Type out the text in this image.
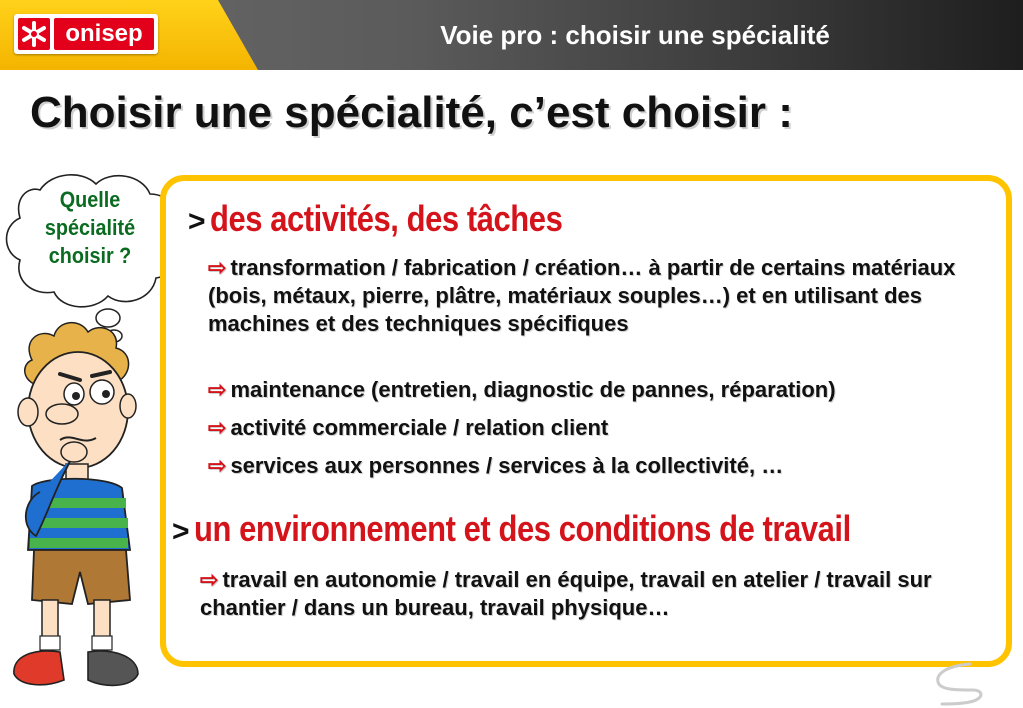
onisep	Voie pro : choisir une spécialité
Choisir une spécialité, c’est choisir :
Quelle
spécialité
choisir ?
> des activités, des tâches
⇨ transformation / fabrication / création… à partir de certains matériaux (bois, métaux, pierre, plâtre, matériaux souples…) et en utilisant des machines et des techniques spécifiques
⇨ maintenance (entretien, diagnostic de pannes, réparation)
⇨ activité commerciale / relation client
⇨ services aux personnes / services à la collectivité, …
> un environnement et des conditions de travail
⇨ travail en autonomie / travail en équipe, travail en atelier / travail sur chantier / dans un bureau, travail physique…
